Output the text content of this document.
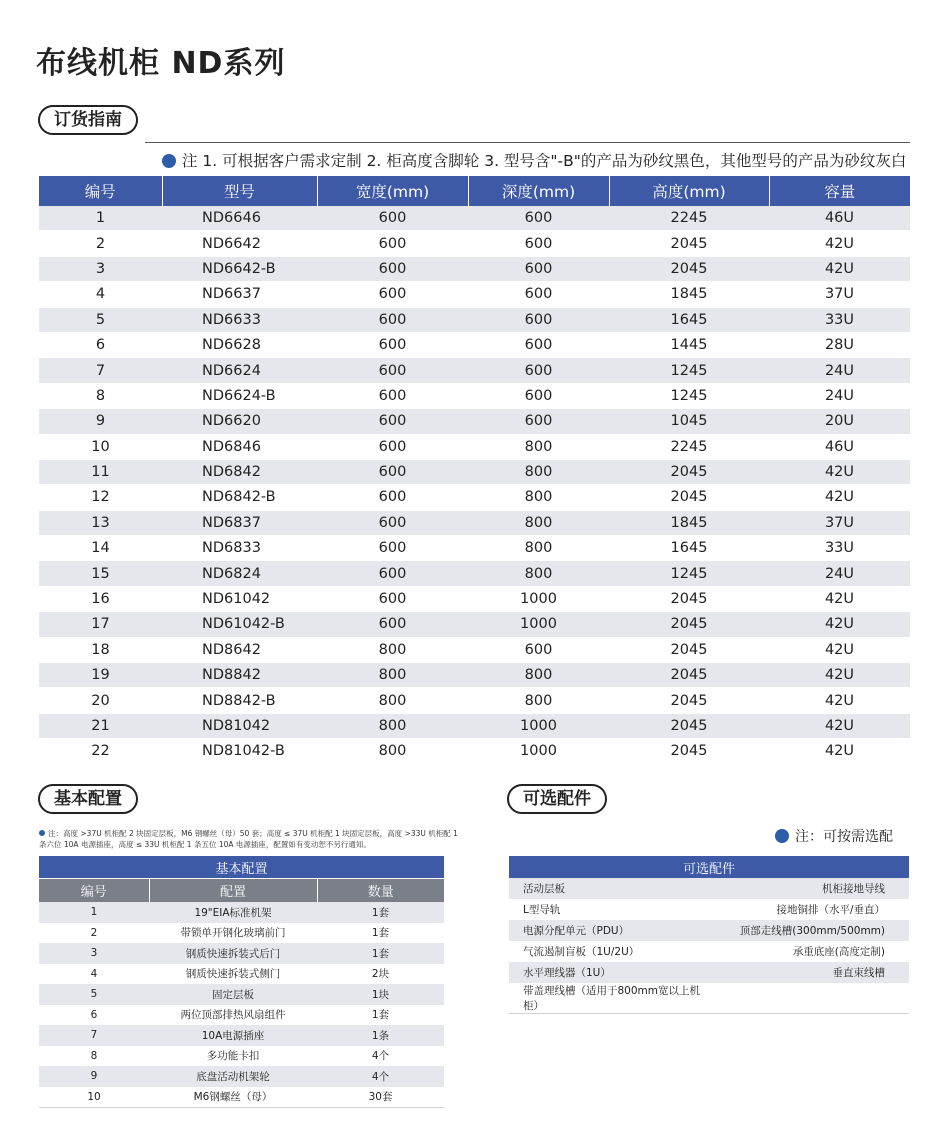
布线机柜 ND系列
订货指南
注 1. 可根据客户需求定制 2. 柜高度含脚轮 3. 型号含"-B"的产品为砂纹黑色，其他型号的产品为砂纹灰白
编号	型号	宽度(mm)	深度(mm)	高度(mm)	容量
1	ND6646	600	600	2245	46U
2	ND6642	600	600	2045	42U
3	ND6642-B	600	600	2045	42U
4	ND6637	600	600	1845	37U
5	ND6633	600	600	1645	33U
6	ND6628	600	600	1445	28U
7	ND6624	600	600	1245	24U
8	ND6624-B	600	600	1245	24U
9	ND6620	600	600	1045	20U
10	ND6846	600	800	2245	46U
11	ND6842	600	800	2045	42U
12	ND6842-B	600	800	2045	42U
13	ND6837	600	800	1845	37U
14	ND6833	600	800	1645	33U
15	ND6824	600	800	1245	24U
16	ND61042	600	1000	2045	42U
17	ND61042-B	600	1000	2045	42U
18	ND8642	800	600	2045	42U
19	ND8842	800	800	2045	42U
20	ND8842-B	800	800	2045	42U
21	ND81042	800	1000	2045	42U
22	ND81042-B	800	1000	2045	42U
基本配置	可选配件
注：高度 >37U 机柜配 2 块固定层板，M6 钢螺丝（母）50 套；高度 ≤ 37U 机柜配 1 块固定层板，高度 >33U 机柜配 1 条六位 10A 电源插座，高度 ≤ 33U 机柜配 1 条五位 10A 电源插座，配置如有变动恕不另行通知。
基本配置		
编号	配置	数量
1	19"EIA标准机架	1套
2	带锁单开钢化玻璃前门	1套
3	钢质快速拆装式后门	1套
4	钢质快速拆装式侧门	2块
5	固定层板	1块
6	两位顶部排热风扇组件	1套
7	10A电源插座	1条
8	多功能卡扣	4个
9	底盘活动机架轮	4个
10	M6钢螺丝（母）	30套
注：可按需选配
可选配件	
活动层板	机柜接地导线
L型导轨	接地铜排（水平/垂直）
电源分配单元（PDU）	顶部走线槽(300mm/500mm)
气流遏制盲板（1U/2U）	承重底座(高度定制)
水平理线器（1U）	垂直束线槽
带盖理线槽（适用于800mm宽以上机柜）	
